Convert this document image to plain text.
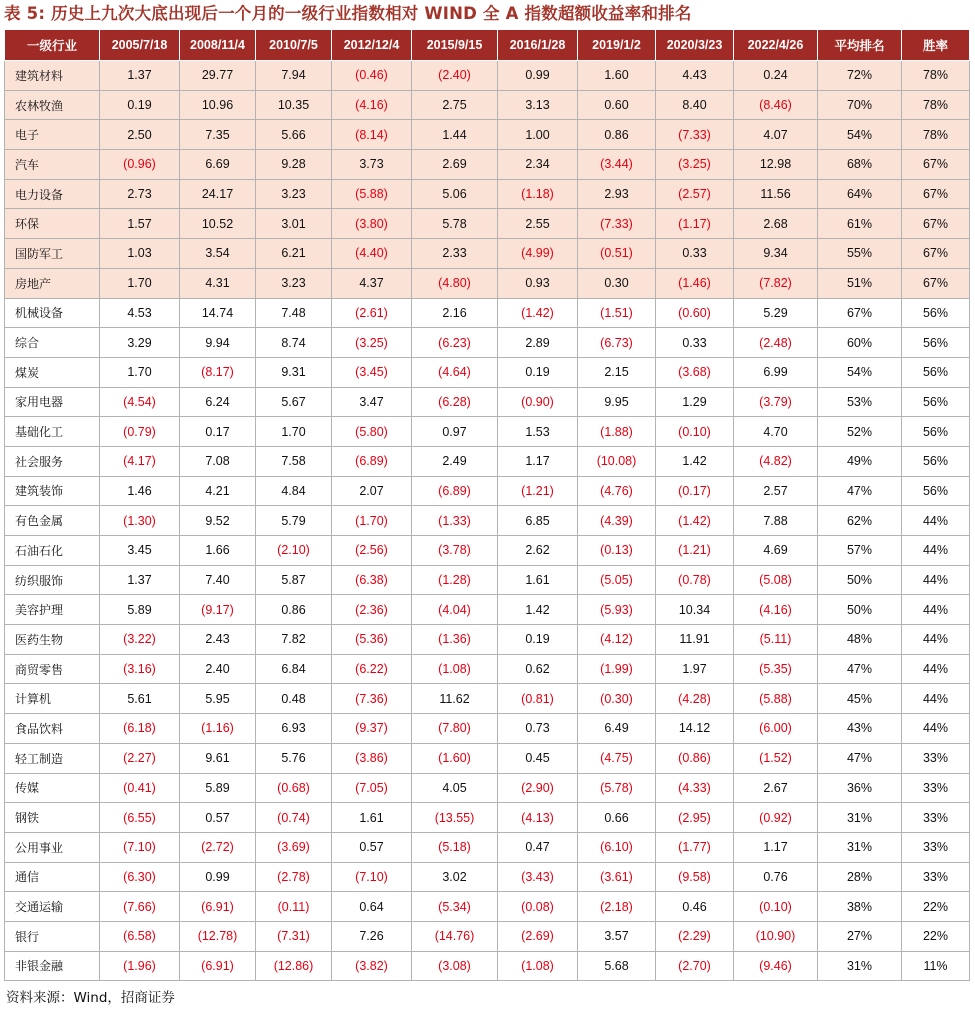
表 5: 历史上九次大底出现后一个月的一级行业指数相对 WIND 全 A 指数超额收益率和排名
一级行业	2005/7/18	2008/11/4	2010/7/5	2012/12/4	2015/9/15	2016/1/28	2019/1/2	2020/3/23	2022/4/26	平均排名	胜率
建筑材料	1.37	29.77	7.94	(0.46)	(2.40)	0.99	1.60	4.43	0.24	72%	78%
农林牧渔	0.19	10.96	10.35	(4.16)	2.75	3.13	0.60	8.40	(8.46)	70%	78%
电子	2.50	7.35	5.66	(8.14)	1.44	1.00	0.86	(7.33)	4.07	54%	78%
汽车	(0.96)	6.69	9.28	3.73	2.69	2.34	(3.44)	(3.25)	12.98	68%	67%
电力设备	2.73	24.17	3.23	(5.88)	5.06	(1.18)	2.93	(2.57)	11.56	64%	67%
环保	1.57	10.52	3.01	(3.80)	5.78	2.55	(7.33)	(1.17)	2.68	61%	67%
国防军工	1.03	3.54	6.21	(4.40)	2.33	(4.99)	(0.51)	0.33	9.34	55%	67%
房地产	1.70	4.31	3.23	4.37	(4.80)	0.93	0.30	(1.46)	(7.82)	51%	67%
机械设备	4.53	14.74	7.48	(2.61)	2.16	(1.42)	(1.51)	(0.60)	5.29	67%	56%
综合	3.29	9.94	8.74	(3.25)	(6.23)	2.89	(6.73)	0.33	(2.48)	60%	56%
煤炭	1.70	(8.17)	9.31	(3.45)	(4.64)	0.19	2.15	(3.68)	6.99	54%	56%
家用电器	(4.54)	6.24	5.67	3.47	(6.28)	(0.90)	9.95	1.29	(3.79)	53%	56%
基础化工	(0.79)	0.17	1.70	(5.80)	0.97	1.53	(1.88)	(0.10)	4.70	52%	56%
社会服务	(4.17)	7.08	7.58	(6.89)	2.49	1.17	(10.08)	1.42	(4.82)	49%	56%
建筑装饰	1.46	4.21	4.84	2.07	(6.89)	(1.21)	(4.76)	(0.17)	2.57	47%	56%
有色金属	(1.30)	9.52	5.79	(1.70)	(1.33)	6.85	(4.39)	(1.42)	7.88	62%	44%
石油石化	3.45	1.66	(2.10)	(2.56)	(3.78)	2.62	(0.13)	(1.21)	4.69	57%	44%
纺织服饰	1.37	7.40	5.87	(6.38)	(1.28)	1.61	(5.05)	(0.78)	(5.08)	50%	44%
美容护理	5.89	(9.17)	0.86	(2.36)	(4.04)	1.42	(5.93)	10.34	(4.16)	50%	44%
医药生物	(3.22)	2.43	7.82	(5.36)	(1.36)	0.19	(4.12)	11.91	(5.11)	48%	44%
商贸零售	(3.16)	2.40	6.84	(6.22)	(1.08)	0.62	(1.99)	1.97	(5.35)	47%	44%
计算机	5.61	5.95	0.48	(7.36)	11.62	(0.81)	(0.30)	(4.28)	(5.88)	45%	44%
食品饮料	(6.18)	(1.16)	6.93	(9.37)	(7.80)	0.73	6.49	14.12	(6.00)	43%	44%
轻工制造	(2.27)	9.61	5.76	(3.86)	(1.60)	0.45	(4.75)	(0.86)	(1.52)	47%	33%
传媒	(0.41)	5.89	(0.68)	(7.05)	4.05	(2.90)	(5.78)	(4.33)	2.67	36%	33%
钢铁	(6.55)	0.57	(0.74)	1.61	(13.55)	(4.13)	0.66	(2.95)	(0.92)	31%	33%
公用事业	(7.10)	(2.72)	(3.69)	0.57	(5.18)	0.47	(6.10)	(1.77)	1.17	31%	33%
通信	(6.30)	0.99	(2.78)	(7.10)	3.02	(3.43)	(3.61)	(9.58)	0.76	28%	33%
交通运输	(7.66)	(6.91)	(0.11)	0.64	(5.34)	(0.08)	(2.18)	0.46	(0.10)	38%	22%
银行	(6.58)	(12.78)	(7.31)	7.26	(14.76)	(2.69)	3.57	(2.29)	(10.90)	27%	22%
非银金融	(1.96)	(6.91)	(12.86)	(3.82)	(3.08)	(1.08)	5.68	(2.70)	(9.46)	31%	11%
资料来源：Wind，招商证券
